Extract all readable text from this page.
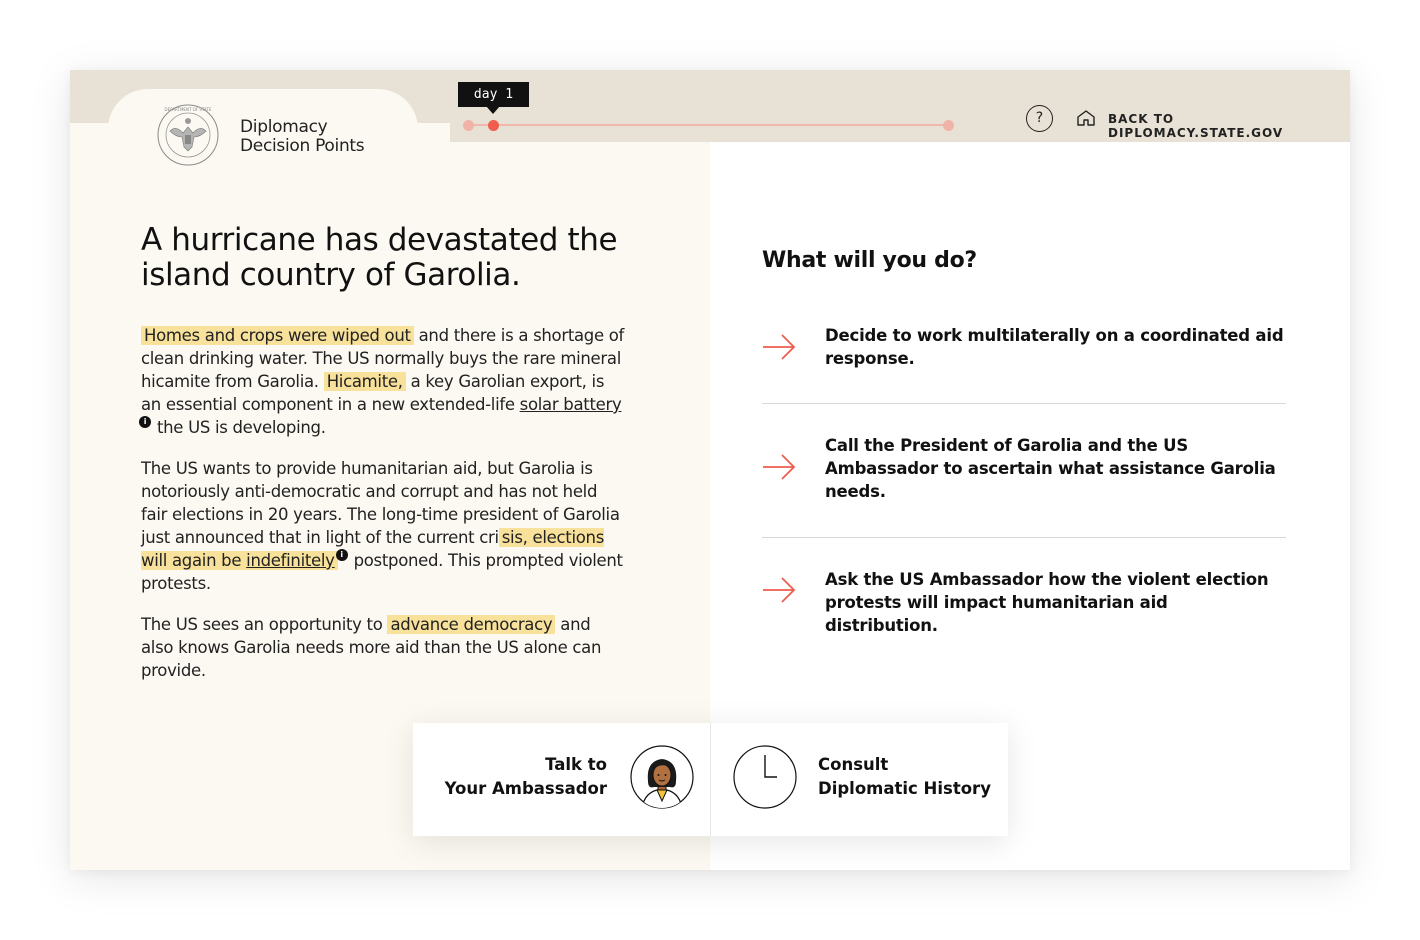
DEPARTMENT OF STATE
Diplomacy
Decision Points
day 1
?	BACK TO DIPLOMACY.STATE.GOV
A hurricane has devastated the island country of Garolia.

Homes and crops were wiped out and there is a shortage of clean drinking water. The US normally buys the rare mineral hicamite from Garolia. Hicamite, a key Garolian export, is an essential component in a new extended-life solar batteryi the US is developing.

The US wants to provide humanitarian aid, but Garolia is notoriously anti-democratic and corrupt and has not held fair elections in 20 years. The long-time president of Garolia just announced that in light of the current cri sis, elections will again be indefinitely i postponed. This prompted violent protests.

The US sees an opportunity to advance democracy and also knows Garolia needs more aid than the US alone can provide.

What will you do?
Decide to work multilaterally on a coordinated aid response.
Call the President of Garolia and the US Ambassador to ascertain what assistance Garolia needs.
Ask the US Ambassador how the violent election protests will impact humanitarian aid distribution.
Talk to
Your Ambassador
Consult
Diplomatic History
